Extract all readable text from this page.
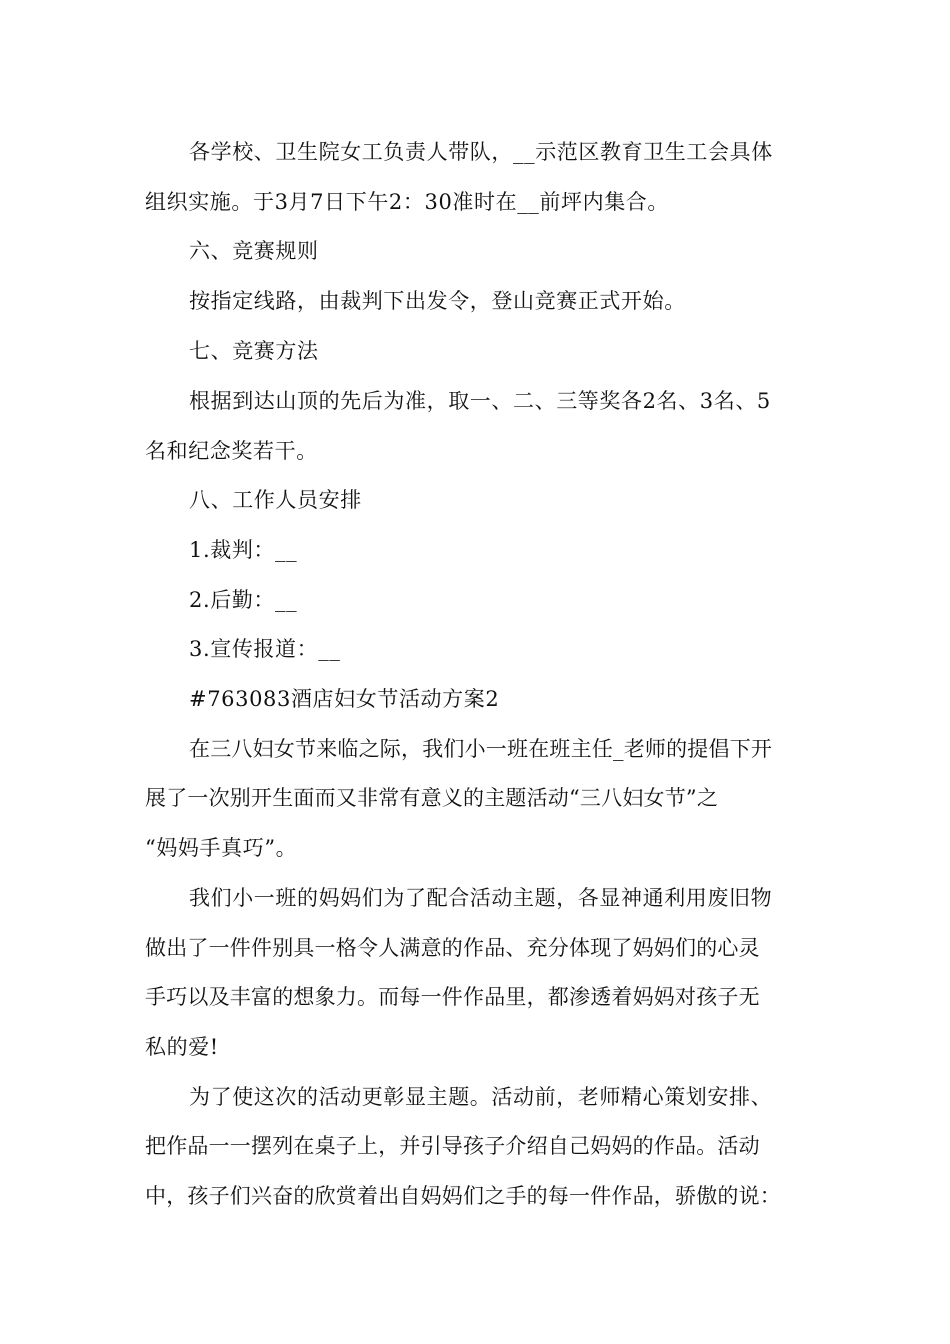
各学校、卫生院女工负责人带队，__示范区教育卫生工会具体
组织实施。于3月7日下午2：30准时在__前坪内集合。
六、竞赛规则
按指定线路，由裁判下出发令，登山竞赛正式开始。
七、竞赛方法
根据到达山顶的先后为准，取一、二、三等奖各2名、3名、5
名和纪念奖若干。
八、工作人员安排
1.裁判：__
2.后勤：__
3.宣传报道：__
#763083酒店妇女节活动方案2
在三八妇女节来临之际，我们小一班在班主任_老师的提倡下开
展了一次别开生面而又非常有意义的主题活动“三八妇女节”之
“妈妈手真巧”。
我们小一班的妈妈们为了配合活动主题，各显神通利用废旧物
做出了一件件别具一格令人满意的作品、充分体现了妈妈们的心灵
手巧以及丰富的想象力。而每一件作品里，都渗透着妈妈对孩子无
私的爱!
为了使这次的活动更彰显主题。活动前，老师精心策划安排、
把作品一一摆列在桌子上，并引导孩子介绍自己妈妈的作品。活动
中，孩子们兴奋的欣赏着出自妈妈们之手的每一件作品，骄傲的说：
